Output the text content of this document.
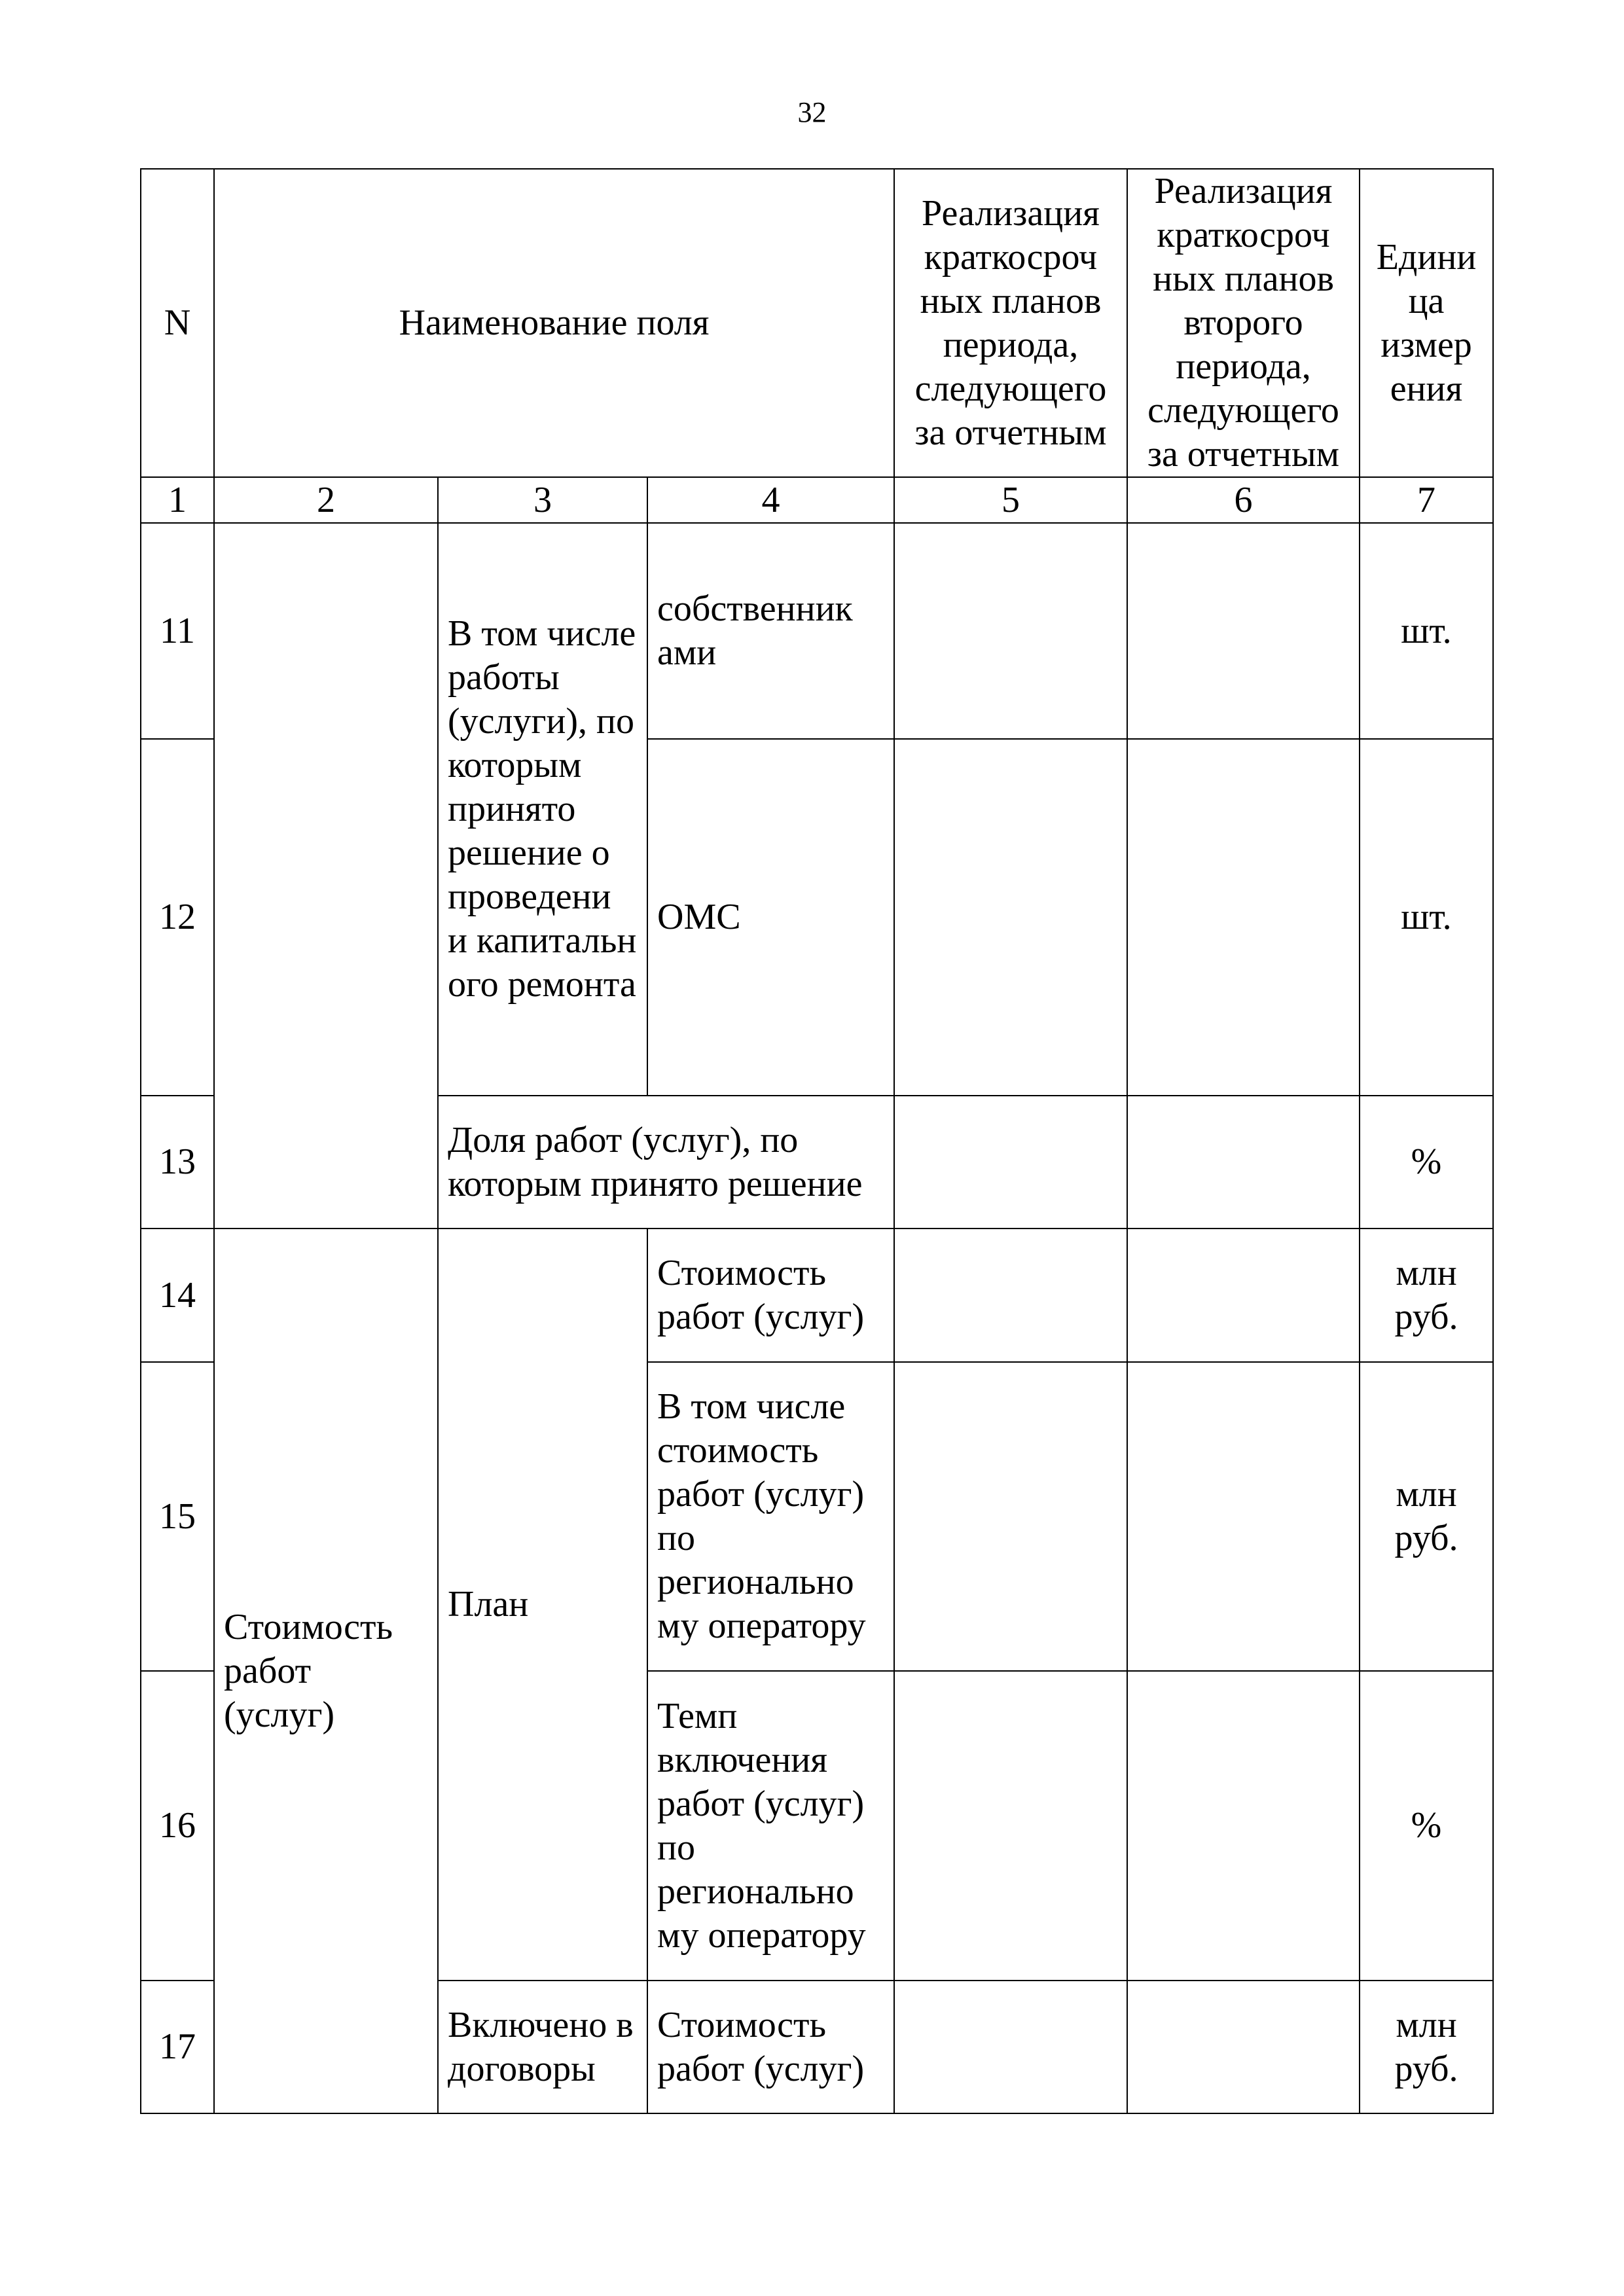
32
N	Наименование поля			Реализация краткосроч ных планов периода, следующего за отчетным	Реализация краткосроч ных планов второго периода, следующего за отчетным	Едини ца измер ения
1	2	3	4	5	6	7
11		В том числе работы (услуги), по которым принято решение о проведени и капитальн ого ремонта	собственник ами			шт.
12			ОМС			шт.
13		Доля работ (услуг), по которым принято решение				%
14	Стоимость работ (услуг)	План	Стоимость работ (услуг)			млн руб.
15			В том числе стоимость работ (услуг) по регионально му оператору			млн руб.
16			Темп включения работ (услуг) по регионально му оператору			%
17		Включено в договоры	Стоимость работ (услуг)			млн руб.
